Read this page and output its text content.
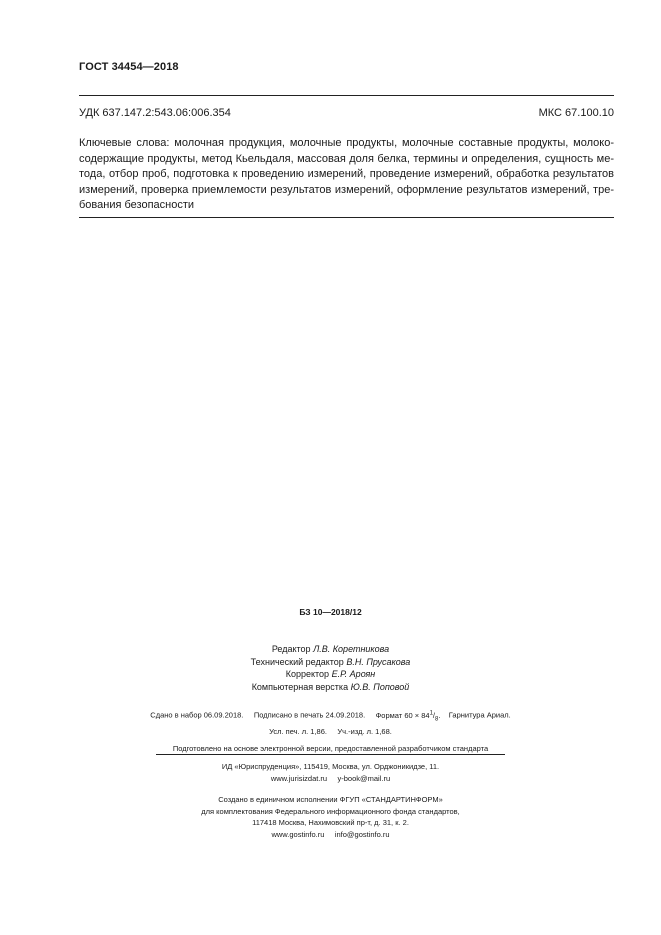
ГОСТ 34454—2018
УДК 637.147.2:543.06:006.354	МКС 67.100.10
Ключевые слова: молочная продукция, молочные продукты, молочные составные продукты, молоко-
содержащие продукты, метод Кьельдаля, массовая доля белка, термины и определения, сущность ме-
тода, отбор проб, подготовка к проведению измерений, проведение измерений, обработка результатов
измерений, проверка приемлемости результатов измерений, оформление результатов измерений, тре-
бования безопасности
БЗ 10—2018/12
Редактор Л.В. Коретникова
Технический редактор В.Н. Прусакова
Корректор Е.Р. Ароян
Компьютерная верстка Ю.В. Поповой
Сдано в набор 06.09.2018. Подписано в печать 24.09.2018. Формат $60 \times 84^1/_8$. Гарнитура Ариал.
Усл. печ. л. 1,86. Уч.-изд. л. 1,68.
Подготовлено на основе электронной версии, предоставленной разработчиком стандарта
ИД «Юриспруденция», 115419, Москва, ул. Орджоникидзе, 11.
www.jurisizdat.ru y-book@mail.ru
Создано в единичном исполнении ФГУП «СТАНДАРТИНФОРМ»
для комплектования Федерального информационного фонда стандартов,
117418 Москва, Нахимовский пр-т, д. 31, к. 2.
www.gostinfo.ru info@gostinfo.ru
